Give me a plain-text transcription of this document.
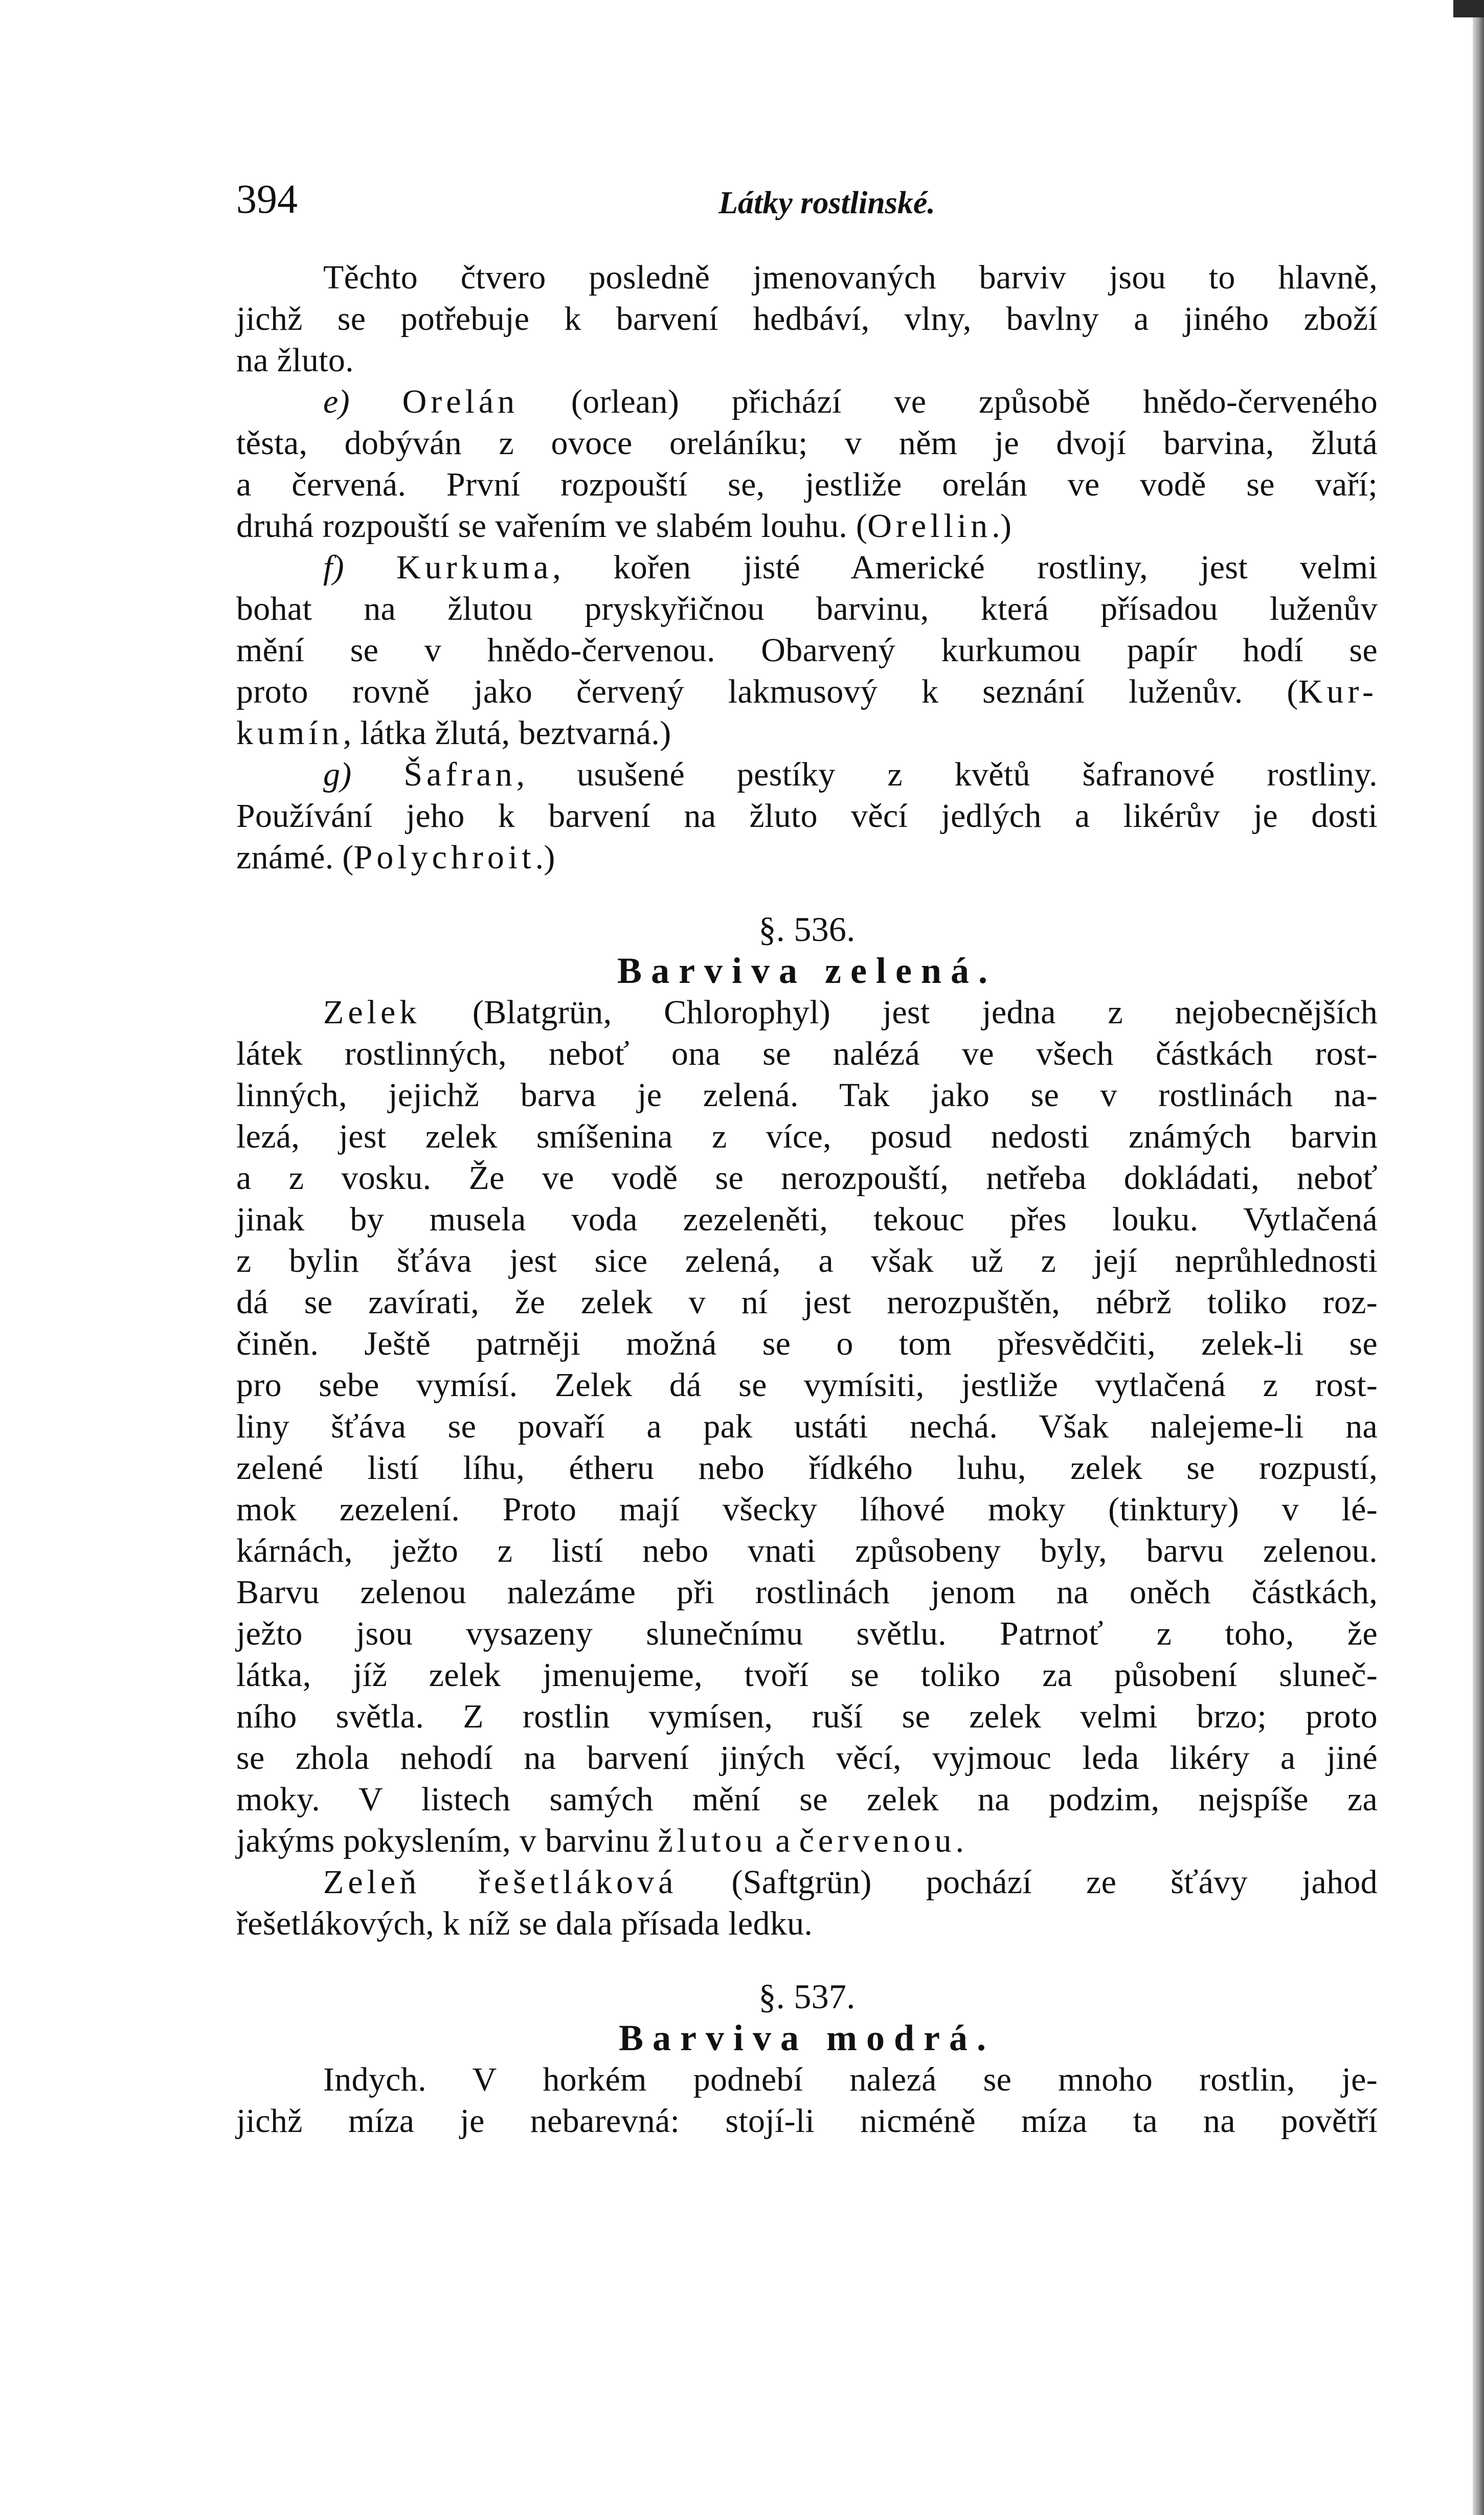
394	Látky rostlinské.

Těchto čtvero posledně jmenovaných barviv jsou to hlavně,

jichž se potřebuje k barvení hedbáví, vlny, bavlny a jiného zboží

na žluto.

e) Orelán (orlean) přichází ve způsobě hnědo-červeného

těsta, dobýván z ovoce oreláníku; v něm je dvojí barvina, žlutá

a červená. První rozpouští se, jestliže orelán ve vodě se vaří;

druhá rozpouští se vařením ve slabém louhu. (Orellin.)

f) Kurkuma, kořen jisté Americké rostliny, jest velmi

bohat na žlutou pryskyřičnou barvinu, která přísadou luženův

mění se v hnědo-červenou. Obarvený kurkumou papír hodí se

proto rovně jako červený lakmusový k seznání luženův. (Kur-

kumín, látka žlutá, beztvarná.)

g) Šafran, usušené pestíky z květů šafranové rostliny.

Používání jeho k barvení na žluto věcí jedlých a likérův je dosti

známé. (Polychroit.)

§. 536.

Barviva zelená.

Zelek (Blatgrün, Chlorophyl) jest jedna z nejobecnějších

látek rostlinných, neboť ona se nalézá ve všech částkách rost-

linných, jejichž barva je zelená. Tak jako se v rostlinách na-

lezá, jest zelek smíšenina z více, posud nedosti známých barvin

a z vosku. Že ve vodě se nerozpouští, netřeba dokládati, neboť

jinak by musela voda zezeleněti, tekouc přes louku. Vytlačená

z bylin šťáva jest sice zelená, a však už z její neprůhlednosti

dá se zavírati, že zelek v ní jest nerozpuštěn, nébrž toliko roz-

činěn. Ještě patrněji možná se o tom přesvědčiti, zelek-li se

pro sebe vymísí. Zelek dá se vymísiti, jestliže vytlačená z rost-

liny šťáva se povaří a pak ustáti nechá. Však nalejeme-li na

zelené listí líhu, étheru nebo řídkého luhu, zelek se rozpustí,

mok zezelení. Proto mají všecky líhové moky (tinktury) v lé-

kárnách, ježto z listí nebo vnati způsobeny byly, barvu zelenou.

Barvu zelenou nalezáme při rostlinách jenom na oněch částkách,

ježto jsou vysazeny slunečnímu světlu. Patrnoť z toho, že

látka, jíž zelek jmenujeme, tvoří se toliko za působení sluneč-

ního světla. Z rostlin vymísen, ruší se zelek velmi brzo; proto

se zhola nehodí na barvení jiných věcí, vyjmouc leda likéry a jiné

moky. V listech samých mění se zelek na podzim, nejspíše za

jakýms pokyslením, v barvinu žlutou a červenou.

Zeleň řešetláková (Saftgrün) pochází ze šťávy jahod

řešetlákových, k níž se dala přísada ledku.

§. 537.

Barviva modrá.

Indych. V horkém podnebí nalezá se mnoho rostlin, je-

jichž míza je nebarevná: stojí-li nicméně míza ta na povětří
